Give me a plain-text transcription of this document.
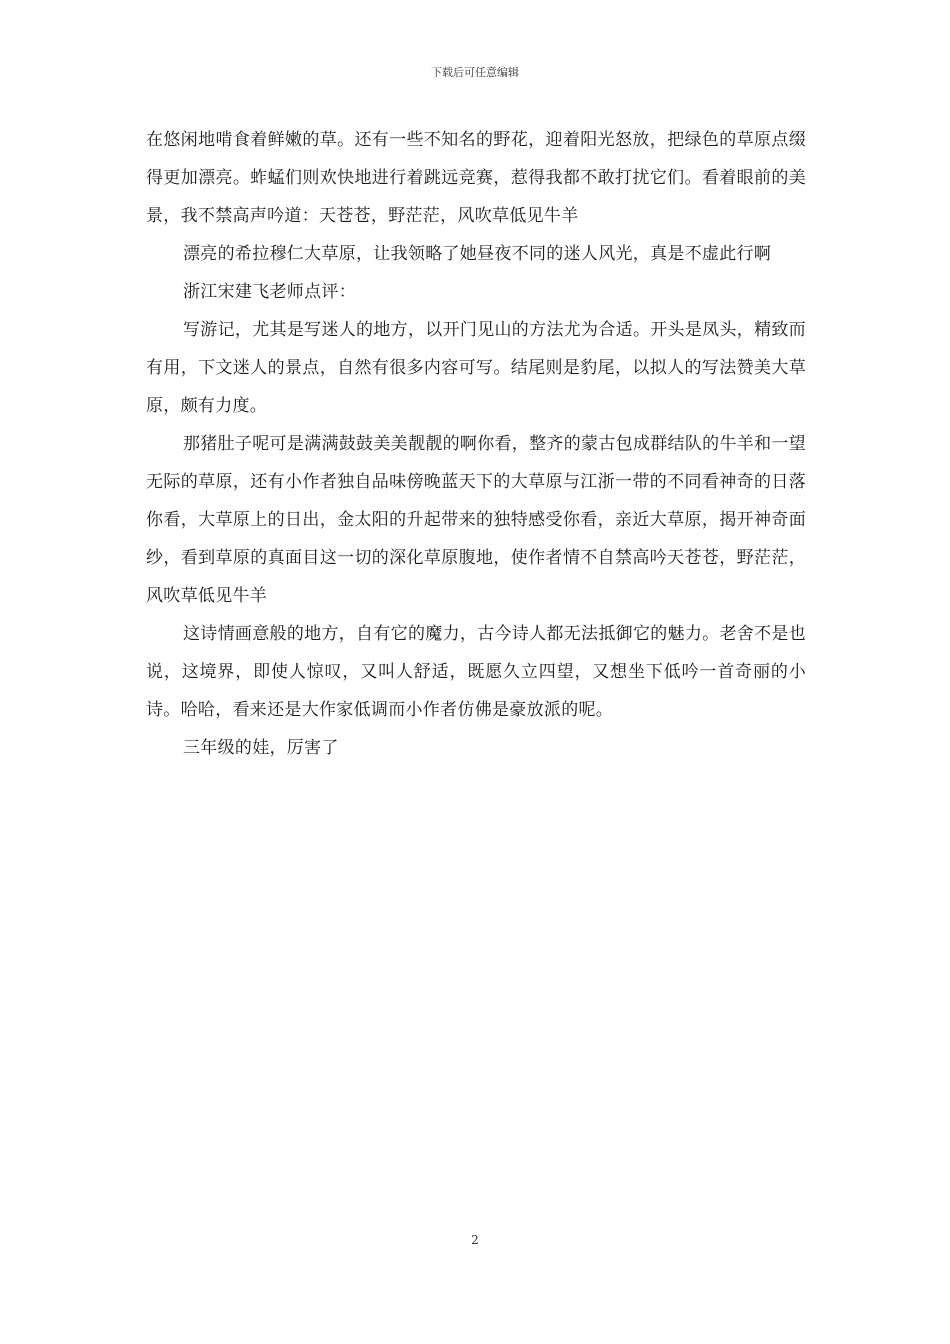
下载后可任意编辑

在悠闲地啃食着鲜嫩的草。还有一些不知名的野花，迎着阳光怒放，把绿色的草原点缀得更加漂亮。蚱蜢们则欢快地进行着跳远竞赛，惹得我都不敢打扰它们。看着眼前的美景，我不禁高声吟道：天苍苍，野茫茫，风吹草低见牛羊

漂亮的希拉穆仁大草原，让我领略了她昼夜不同的迷人风光，真是不虚此行啊

浙江宋建飞老师点评：

写游记，尤其是写迷人的地方，以开门见山的方法尤为合适。开头是凤头，精致而有用，下文迷人的景点，自然有很多内容可写。结尾则是豹尾，以拟人的写法赞美大草原，颇有力度。

那猪肚子呢可是满满鼓鼓美美靓靓的啊你看，整齐的蒙古包成群结队的牛羊和一望无际的草原，还有小作者独自品味傍晚蓝天下的大草原与江浙一带的不同看神奇的日落你看，大草原上的日出，金太阳的升起带来的独特感受你看，亲近大草原，揭开神奇面纱，看到草原的真面目这一切的深化草原腹地，使作者情不自禁高吟天苍苍，野茫茫，风吹草低见牛羊

这诗情画意般的地方，自有它的魔力，古今诗人都无法抵御它的魅力。老舍不是也说，这境界，即使人惊叹，又叫人舒适，既愿久立四望，又想坐下低吟一首奇丽的小诗。哈哈，看来还是大作家低调而小作者仿佛是豪放派的呢。

三年级的娃，厉害了

2
